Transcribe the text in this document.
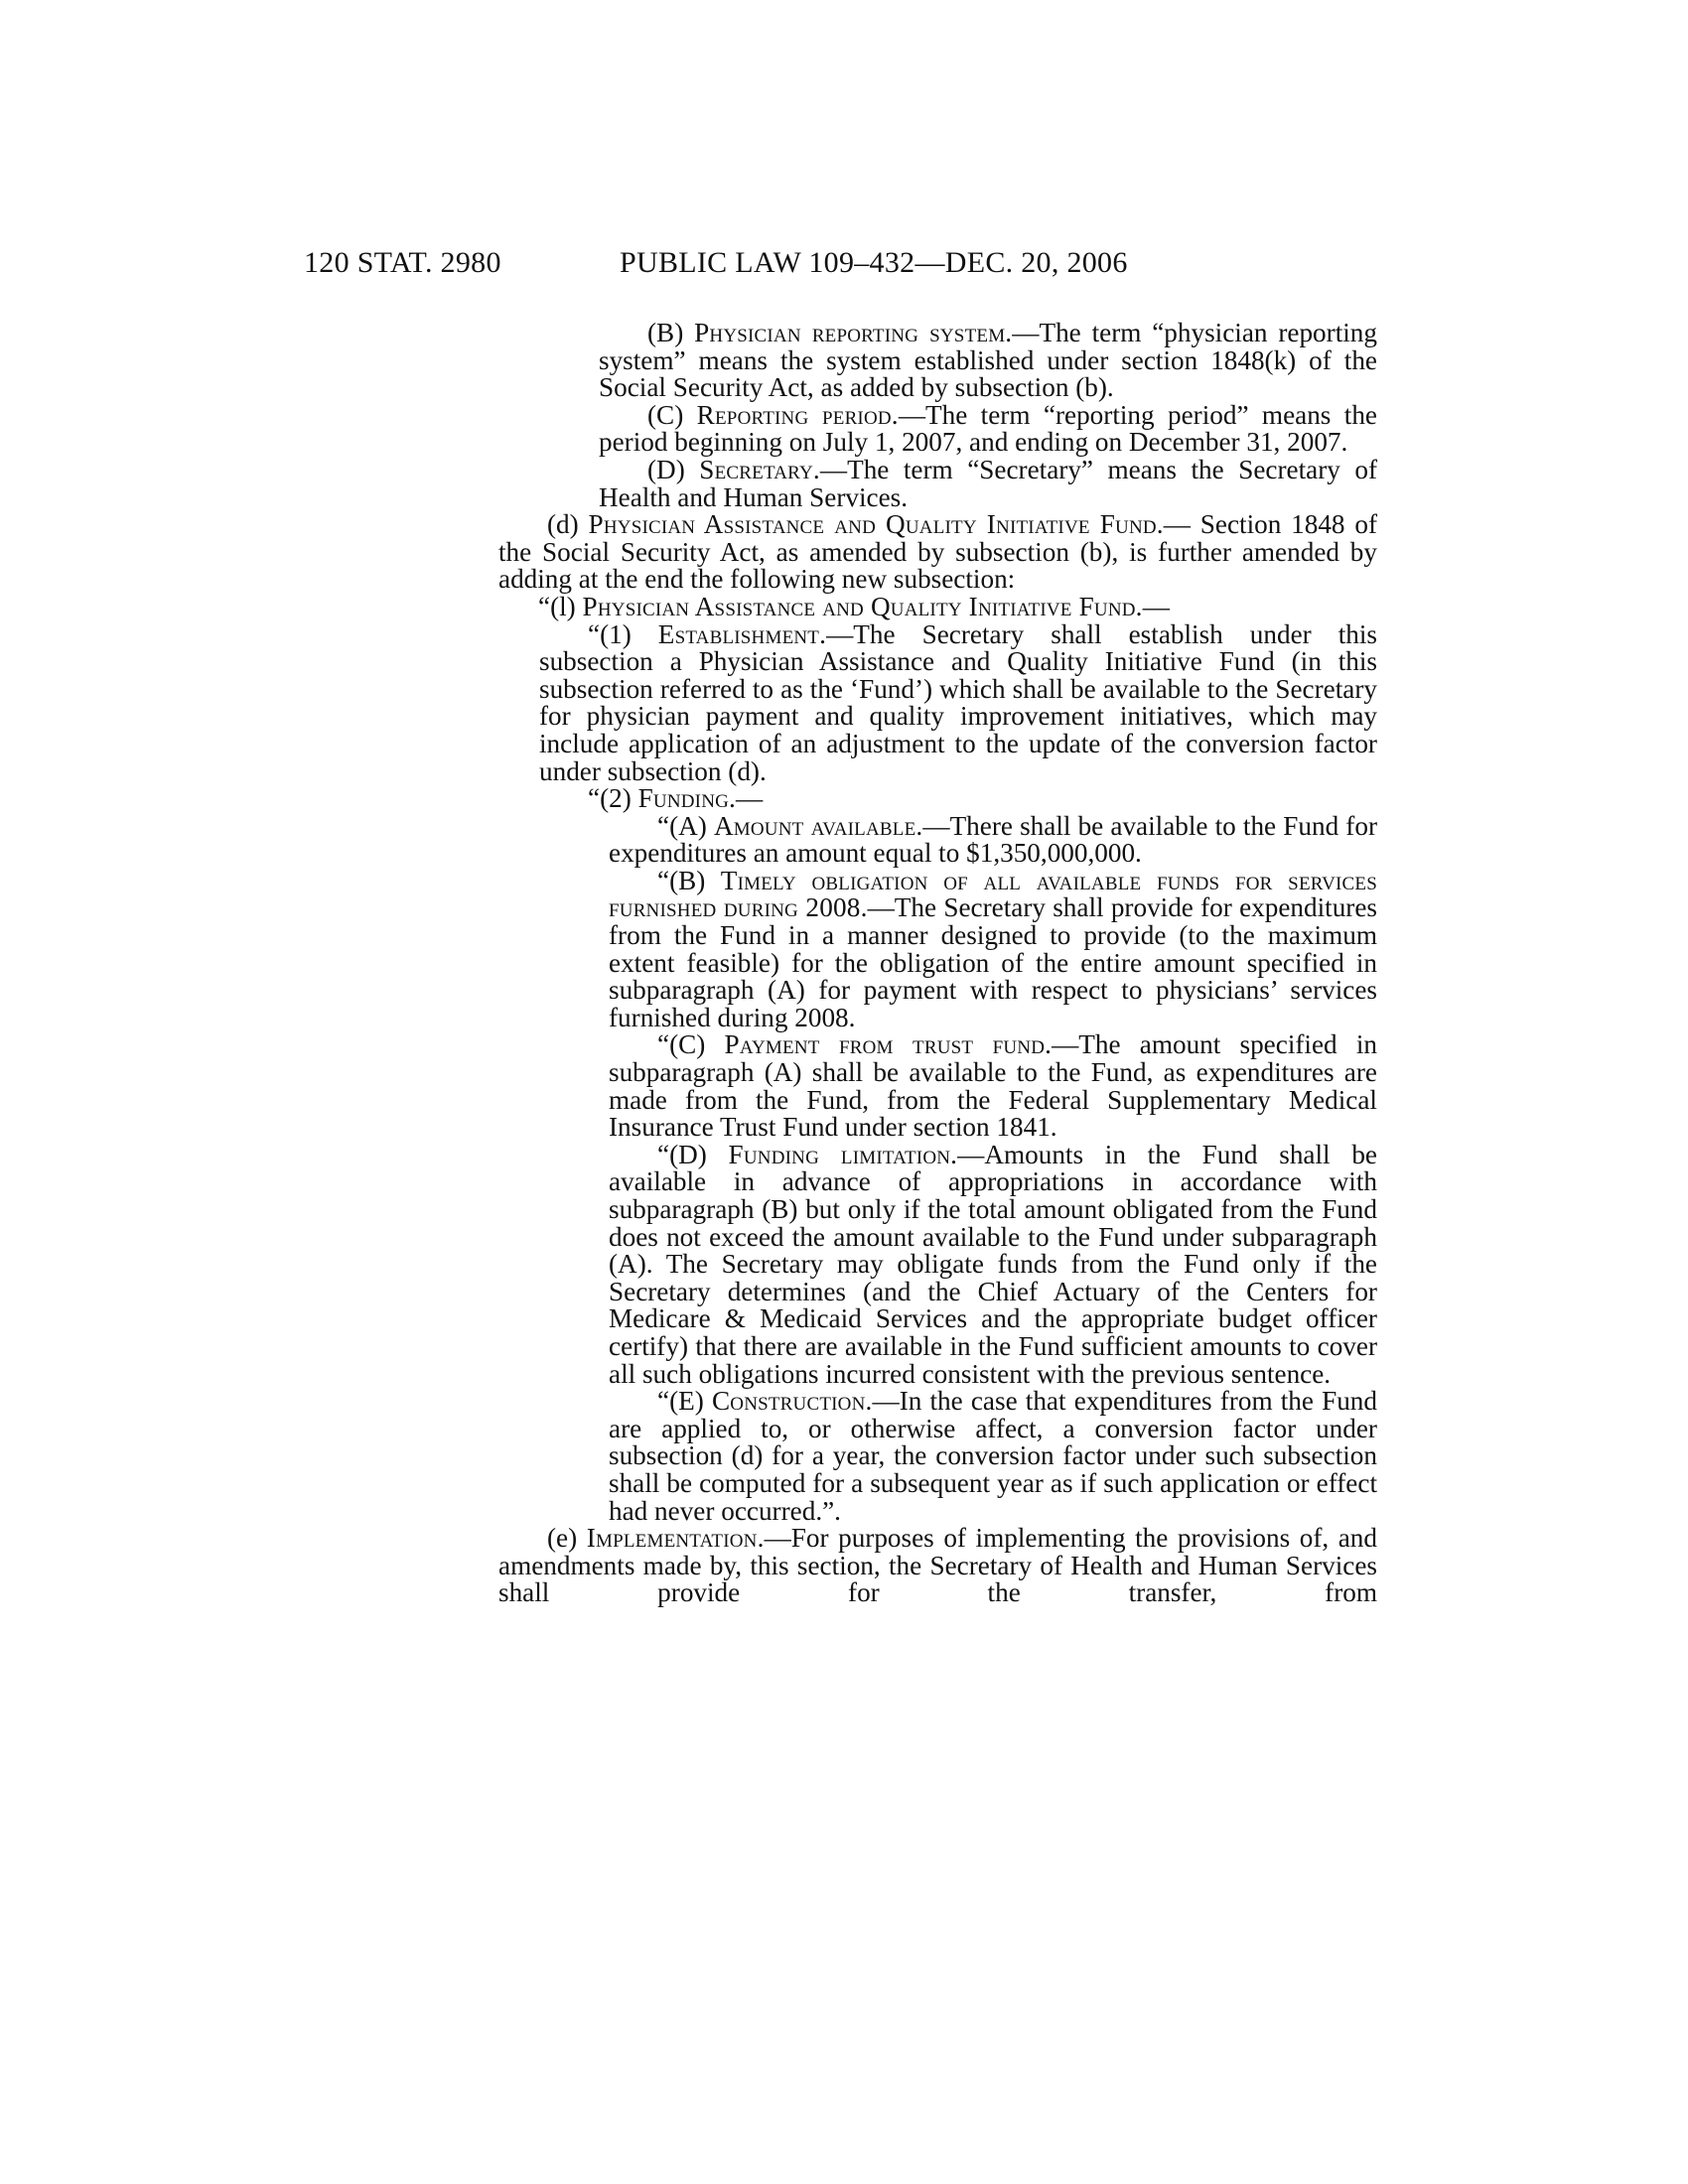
120 STAT. 2980	PUBLIC LAW 109–432—DEC. 20, 2006

(B) Physician reporting system.—The term “physician reporting system” means the system established under section 1848(k) of the Social Security Act, as added by subsection (b).

(C) Reporting period.—The term “reporting period” means the period beginning on July 1, 2007, and ending on December 31, 2007.

(D) Secretary.—The term “Secretary” means the Secretary of Health and Human Services.

(d) Physician Assistance and Quality Initiative Fund.— Section 1848 of the Social Security Act, as amended by subsection (b), is further amended by adding at the end the following new subsection:

“(l) Physician Assistance and Quality Initiative Fund.—

“(1) Establishment.—The Secretary shall establish under this subsection a Physician Assistance and Quality Initiative Fund (in this subsection referred to as the ‘Fund’) which shall be available to the Secretary for physician payment and quality improvement initiatives, which may include application of an adjustment to the update of the conversion factor under subsection (d).

“(2) Funding.—

“(A) Amount available.—There shall be available to the Fund for expenditures an amount equal to $1,350,000,000.

“(B) Timely obligation of all available funds for services furnished during 2008.—The Secretary shall provide for expenditures from the Fund in a manner designed to provide (to the maximum extent feasible) for the obligation of the entire amount specified in subparagraph (A) for payment with respect to physicians’ services furnished during 2008.

“(C) Payment from trust fund.—The amount specified in subparagraph (A) shall be available to the Fund, as expenditures are made from the Fund, from the Federal Supplementary Medical Insurance Trust Fund under section 1841.

“(D) Funding limitation.—Amounts in the Fund shall be available in advance of appropriations in accordance with subparagraph (B) but only if the total amount obligated from the Fund does not exceed the amount available to the Fund under subparagraph (A). The Secretary may obligate funds from the Fund only if the Secretary determines (and the Chief Actuary of the Centers for Medicare & Medicaid Services and the appropriate budget officer certify) that there are available in the Fund sufficient amounts to cover all such obligations incurred consistent with the previous sentence.

“(E) Construction.—In the case that expenditures from the Fund are applied to, or otherwise affect, a conversion factor under subsection (d) for a year, the conversion factor under such subsection shall be computed for a subsequent year as if such application or effect had never occurred.”.

(e) Implementation.—For purposes of implementing the provisions of, and amendments made by, this section, the Secretary of Health and Human Services shall provide for the transfer, from
